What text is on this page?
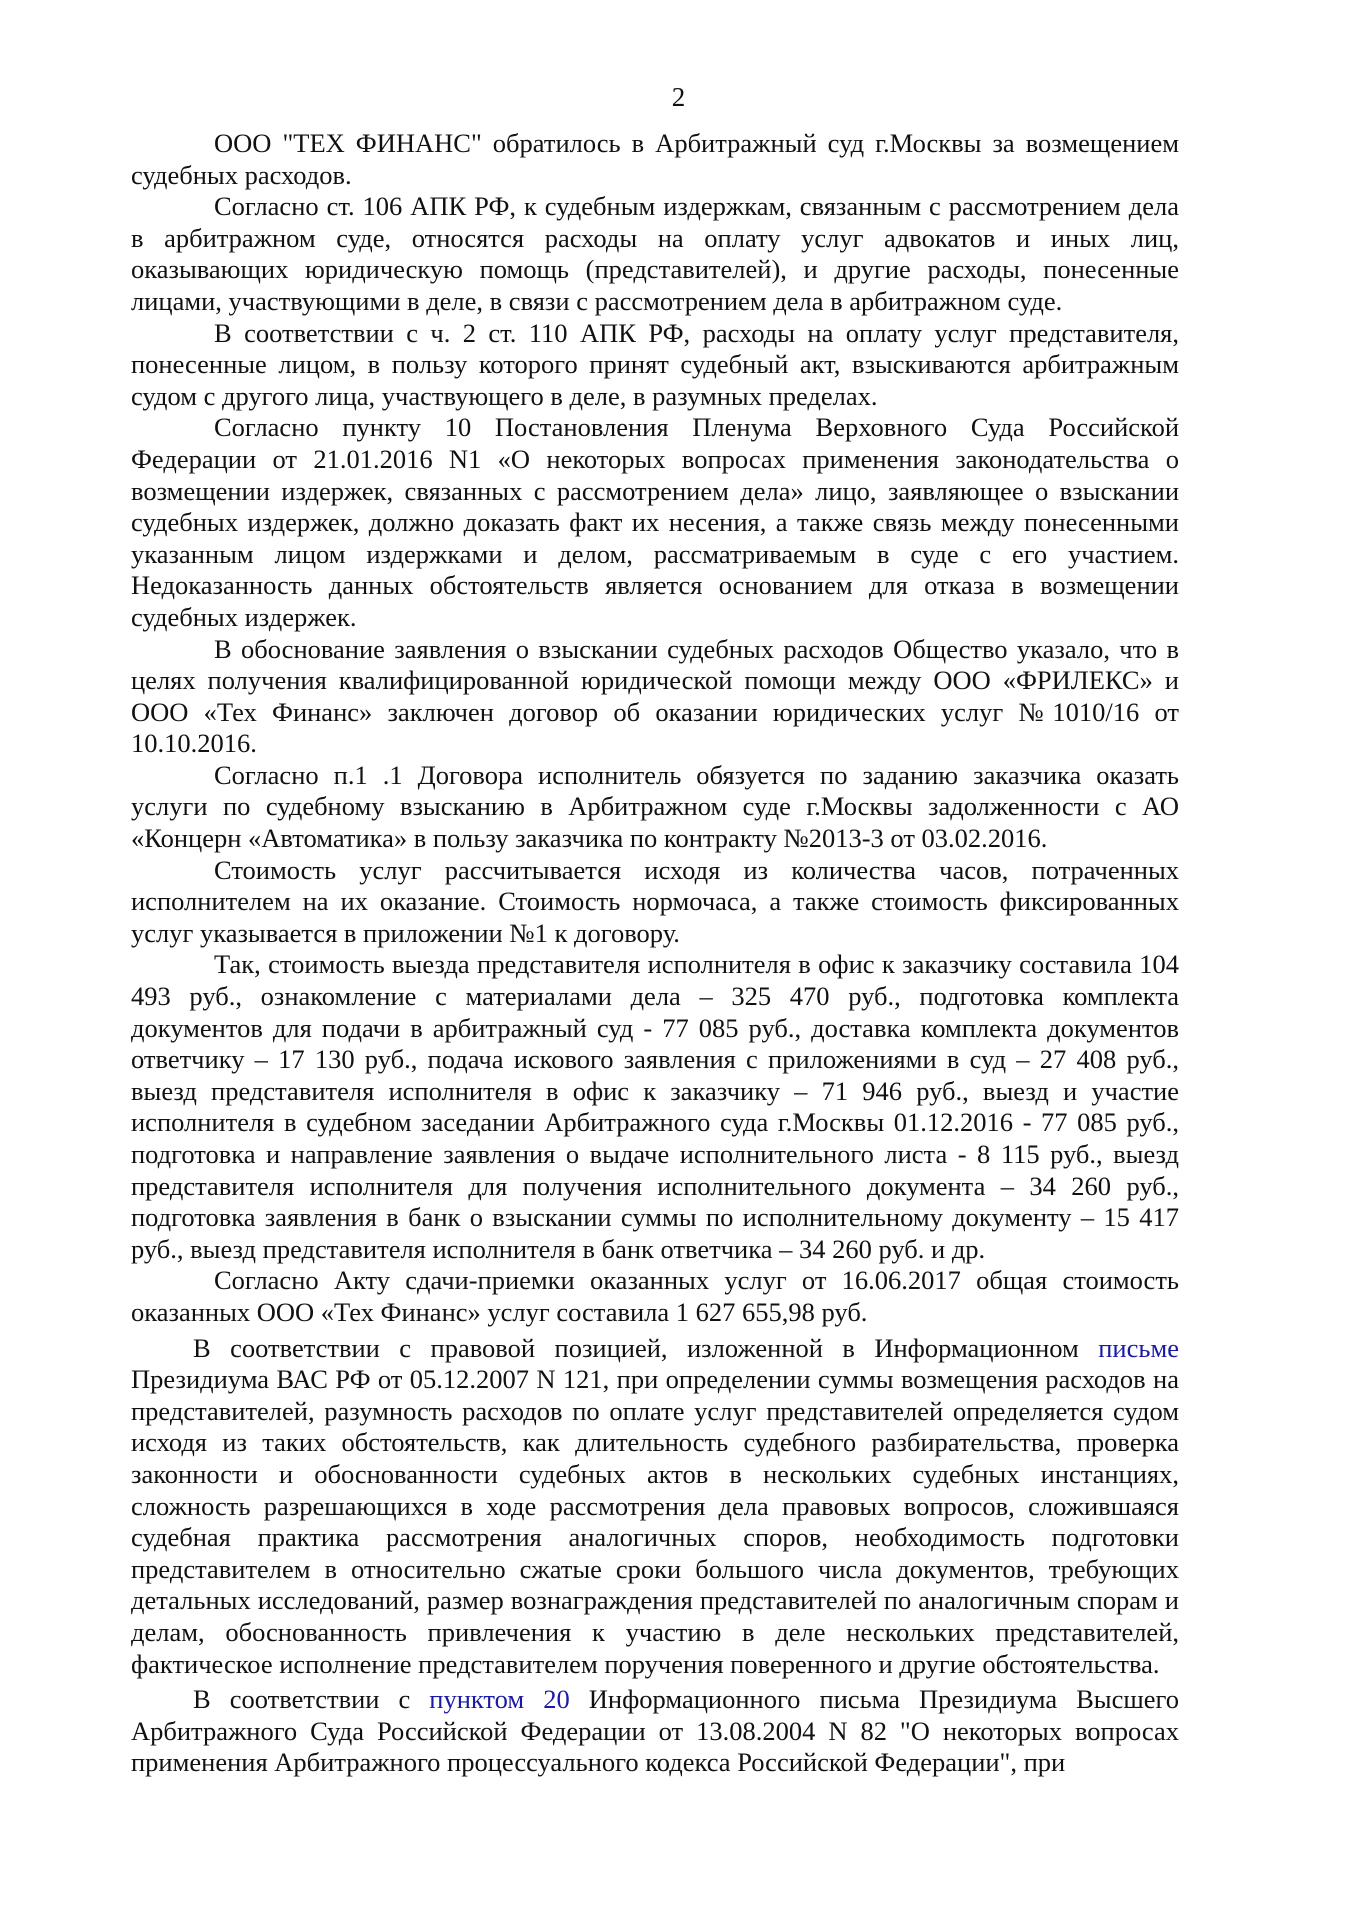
2

ООО "ТЕХ ФИНАНС" обратилось в Арбитражный суд г.Москвы за возмещением судебных расходов.

Согласно ст. 106 АПК РФ, к судебным издержкам, связанным с рассмотрением дела в арбитражном суде, относятся расходы на оплату услуг адвокатов и иных лиц, оказывающих юридическую помощь (представителей), и другие расходы, понесенные лицами, участвующими в деле, в связи с рассмотрением дела в арбитражном суде.

В соответствии с ч. 2 ст. 110 АПК РФ, расходы на оплату услуг представителя, понесенные лицом, в пользу которого принят судебный акт, взыскиваются арбитражным судом с другого лица, участвующего в деле, в разумных пределах.

Согласно пункту 10 Постановления Пленума Верховного Суда Российской Федерации от 21.01.2016 N1 «О некоторых вопросах применения законодательства о возмещении издержек, связанных с рассмотрением дела» лицо, заявляющее о взыскании судебных издержек, должно доказать факт их несения, а также связь между понесенными указанным лицом издержками и делом, рассматриваемым в суде с его участием. Недоказанность данных обстоятельств является основанием для отказа в возмещении судебных издержек.

В обоснование заявления о взыскании судебных расходов Общество указало, что в целях получения квалифицированной юридической помощи между ООО «ФРИЛЕКС» и ООО «Тех Финанс» заключен договор об оказании юридических услуг №1010/16 от 10.10.2016.

Согласно п.1 .1 Договора исполнитель обязуется по заданию заказчика оказать услуги по судебному взысканию в Арбитражном суде г.Москвы задолженности с АО «Концерн «Автоматика» в пользу заказчика по контракту №2013-3 от 03.02.2016.

Стоимость услуг рассчитывается исходя из количества часов, потраченных исполнителем на их оказание. Стоимость нормочаса, а также стоимость фиксированных услуг указывается в приложении №1 к договору.

Так, стоимость выезда представителя исполнителя в офис к заказчику составила 104 493 руб., ознакомление с материалами дела – 325 470 руб., подготовка комплекта документов для подачи в арбитражный суд - 77 085 руб., доставка комплекта документов ответчику – 17 130 руб., подача искового заявления с приложениями в суд – 27 408 руб., выезд представителя исполнителя в офис к заказчику – 71 946 руб., выезд и участие исполнителя в судебном заседании Арбитражного суда г.Москвы 01.12.2016 - 77 085 руб., подготовка и направление заявления о выдаче исполнительного листа - 8 115 руб., выезд представителя исполнителя для получения исполнительного документа – 34 260 руб., подготовка заявления в банк о взыскании суммы по исполнительному документу – 15 417 руб., выезд представителя исполнителя в банк ответчика – 34 260 руб. и др.

Согласно Акту сдачи-приемки оказанных услуг от 16.06.2017 общая стоимость оказанных ООО «Тех Финанс» услуг составила 1 627 655,98 руб.

В соответствии с правовой позицией, изложенной в Информационном письме Президиума ВАС РФ от 05.12.2007 N 121, при определении суммы возмещения расходов на представителей, разумность расходов по оплате услуг представителей определяется судом исходя из таких обстоятельств, как длительность судебного разбирательства, проверка законности и обоснованности судебных актов в нескольких судебных инстанциях, сложность разрешающихся в ходе рассмотрения дела правовых вопросов, сложившаяся судебная практика рассмотрения аналогичных споров, необходимость подготовки представителем в относительно сжатые сроки большого числа документов, требующих детальных исследований, размер вознаграждения представителей по аналогичным спорам и делам, обоснованность привлечения к участию в деле нескольких представителей, фактическое исполнение представителем поручения поверенного и другие обстоятельства.

В соответствии с пунктом 20 Информационного письма Президиума Высшего Арбитражного Суда Российской Федерации от 13.08.2004 N 82 "О некоторых вопросах применения Арбитражного процессуального кодекса Российской Федерации", при
